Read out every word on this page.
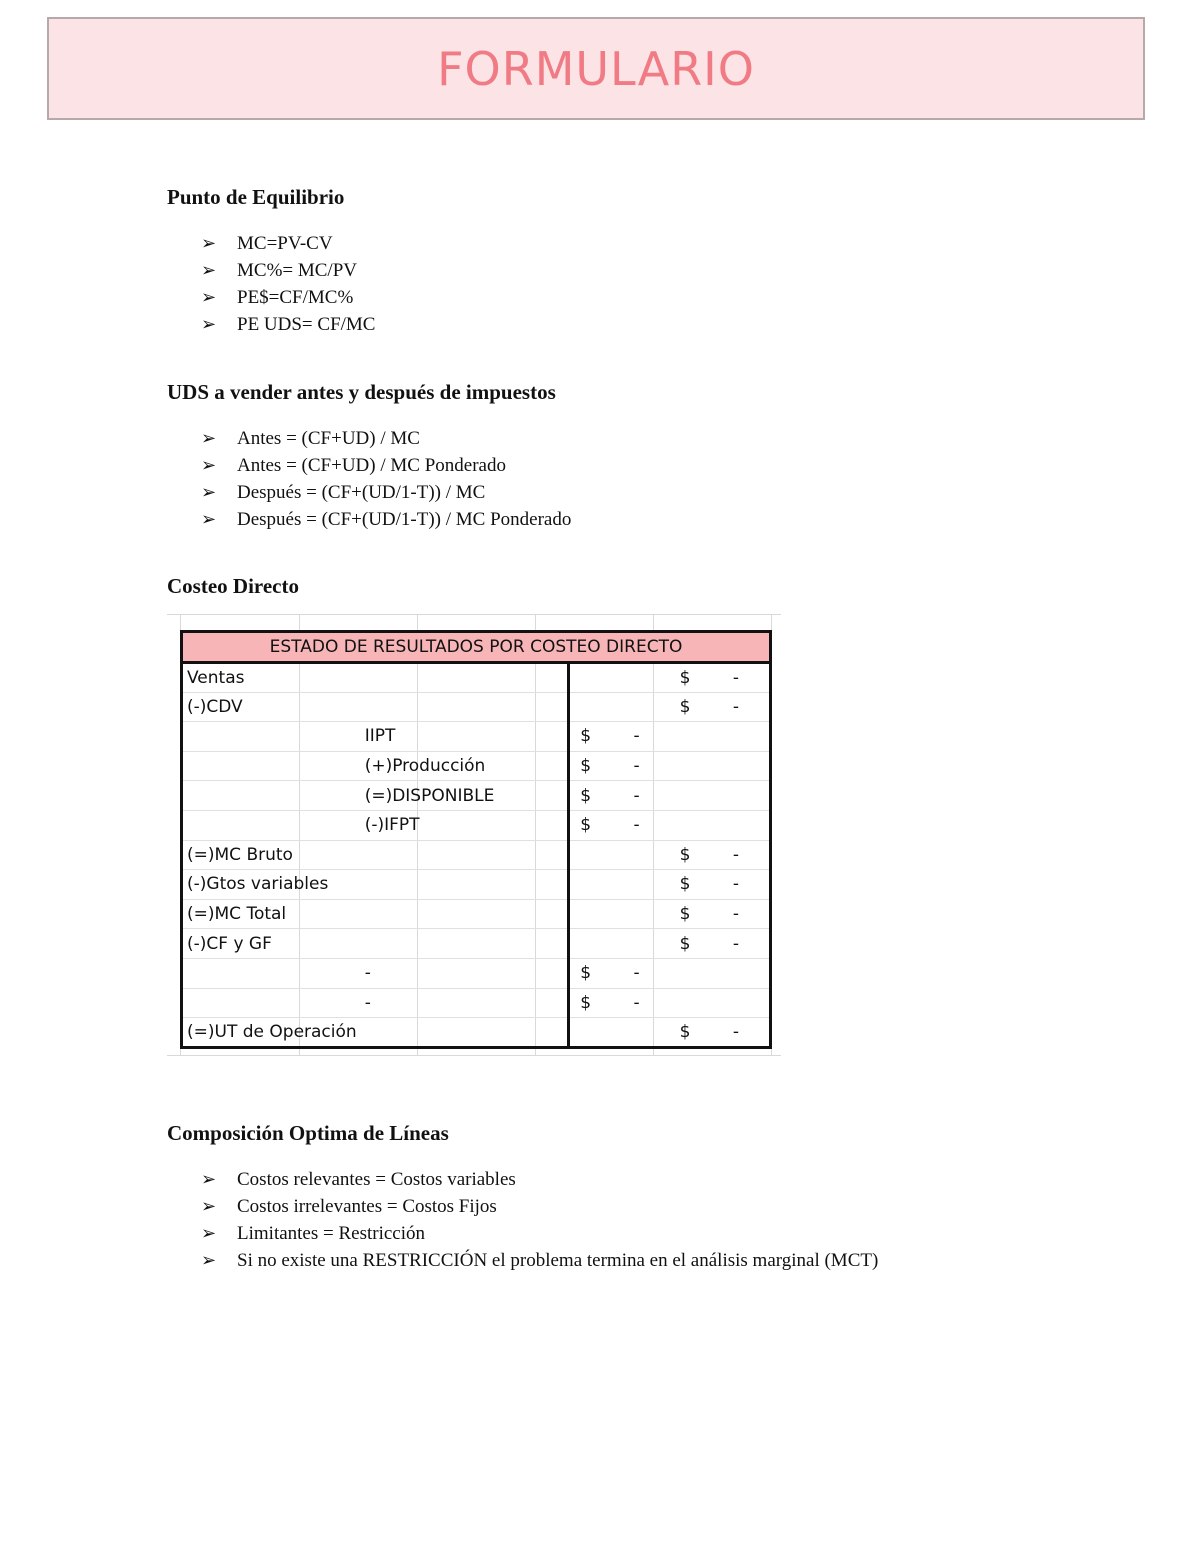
FORMULARIO
Punto de Equilibrio
➢	MC=PV-CV
➢	MC%= MC/PV
➢	PE$=CF/MC%
➢	PE UDS= CF/MC
UDS a vender antes y después de impuestos
➢	Antes = (CF+UD) / MC
➢	Antes = (CF+UD) / MC Ponderado
➢	Después = (CF+(UD/1-T)) / MC
➢	Después = (CF+(UD/1-T)) / MC Ponderado
Costeo Directo
ESTADO DE RESULTADOS POR COSTEO DIRECTO			
Ventas			$ -

(-)CDV			$ -

	IIPT	$ -	

	(+)Producción	$ -	

	(=)DISPONIBLE	$ -	

	(-)IFPT	$ -	

(=)MC Bruto			$ -

(-)Gtos variables			$ -

(=)MC Total			$ -

(-)CF y GF			$ -

	-	$ -	

	-	$ -	

(=)UT de Operación			$ -
Composición Optima de Líneas
➢	Costos relevantes = Costos variables
➢	Costos irrelevantes = Costos Fijos
➢	Limitantes = Restricción
➢	Si no existe una RESTRICCIÓN el problema termina en el análisis marginal (MCT)
